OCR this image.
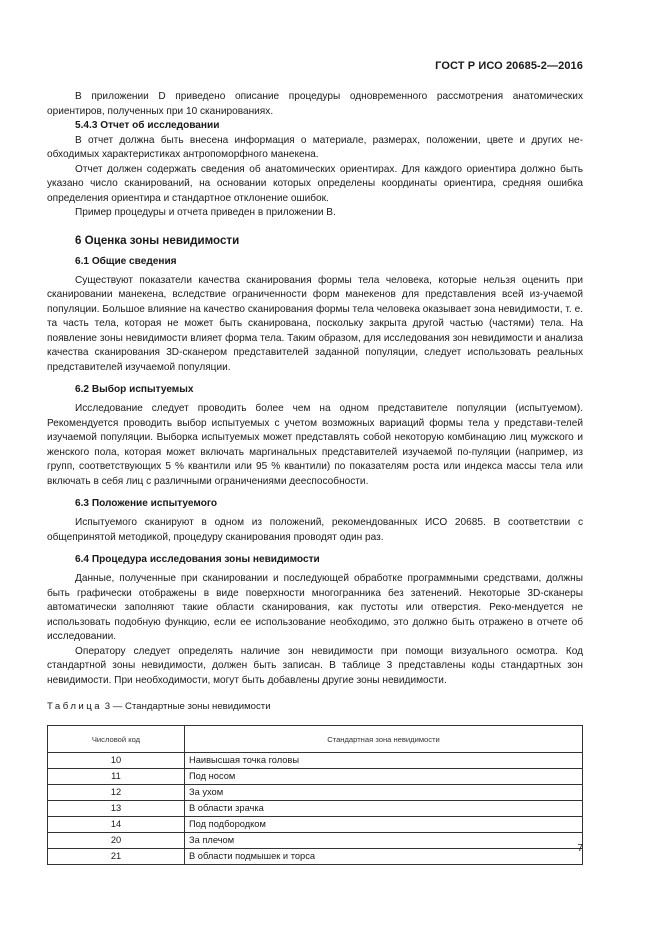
ГОСТ Р ИСО 20685-2—2016

В приложении D приведено описание процедуры одновременного рассмотрения анатомических ориентиров, полученных при 10 сканированиях.

5.4.3 Отчет об исследовании

В отчет должна быть внесена информация о материале, размерах, положении, цвете и других не-обходимых характеристиках антропоморфного манекена.

Отчет должен содержать сведения об анатомических ориентирах. Для каждого ориентира должно быть указано число сканирований, на основании которых определены координаты ориентира, средняя ошибка определения ориентира и стандартное отклонение ошибок.

Пример процедуры и отчета приведен в приложении В.

6 Оценка зоны невидимости
6.1 Общие сведения

Существуют показатели качества сканирования формы тела человека, которые нельзя оценить при сканировании манекена, вследствие ограниченности форм манекенов для представления всей из-учаемой популяции. Большое влияние на качество сканирования формы тела человека оказывает зона невидимости, т. е. та часть тела, которая не может быть сканирована, поскольку закрыта другой частью (частями) тела. На появление зоны невидимости влияет форма тела. Таким образом, для исследования зон невидимости и анализа качества сканирования 3D-сканером представителей заданной популяции, следует использовать реальных представителей изучаемой популяции.

6.2 Выбор испытуемых

Исследование следует проводить более чем на одном представителе популяции (испытуемом). Рекомендуется проводить выбор испытуемых с учетом возможных вариаций формы тела у представи-телей изучаемой популяции. Выборка испытуемых может представлять собой некоторую комбинацию лиц мужского и женского пола, которая может включать маргинальных представителей изучаемой по-пуляции (например, из групп, соответствующих 5 % квантили или 95 % квантили) по показателям роста или индекса массы тела или включать в себя лиц с различными ограничениями дееспособности.

6.3 Положение испытуемого

Испытуемого сканируют в одном из положений, рекомендованных ИСО 20685. В соответствии с общепринятой методикой, процедуру сканирования проводят один раз.

6.4 Процедура исследования зоны невидимости

Данные, полученные при сканировании и последующей обработке программными средствами, должны быть графически отображены в виде поверхности многогранника без затенений. Некоторые 3D-сканеры автоматически заполняют такие области сканирования, как пустоты или отверстия. Реко-мендуется не использовать подобную функцию, если ее использование необходимо, это должно быть отражено в отчете об исследовании.

Оператору следует определять наличие зон невидимости при помощи визуального осмотра. Код стандартной зоны невидимости, должен быть записан. В таблице 3 представлены коды стандартных зон невидимости. При необходимости, могут быть добавлены другие зоны невидимости.

Таблица 3 — Стандартные зоны невидимости
Числовой код	Стандартная зона невидимости
10	Наивысшая точка головы
11	Под носом
12	За ухом
13	В области зрачка
14	Под подбородком
20	За плечом
21	В области подмышек и торса
7
